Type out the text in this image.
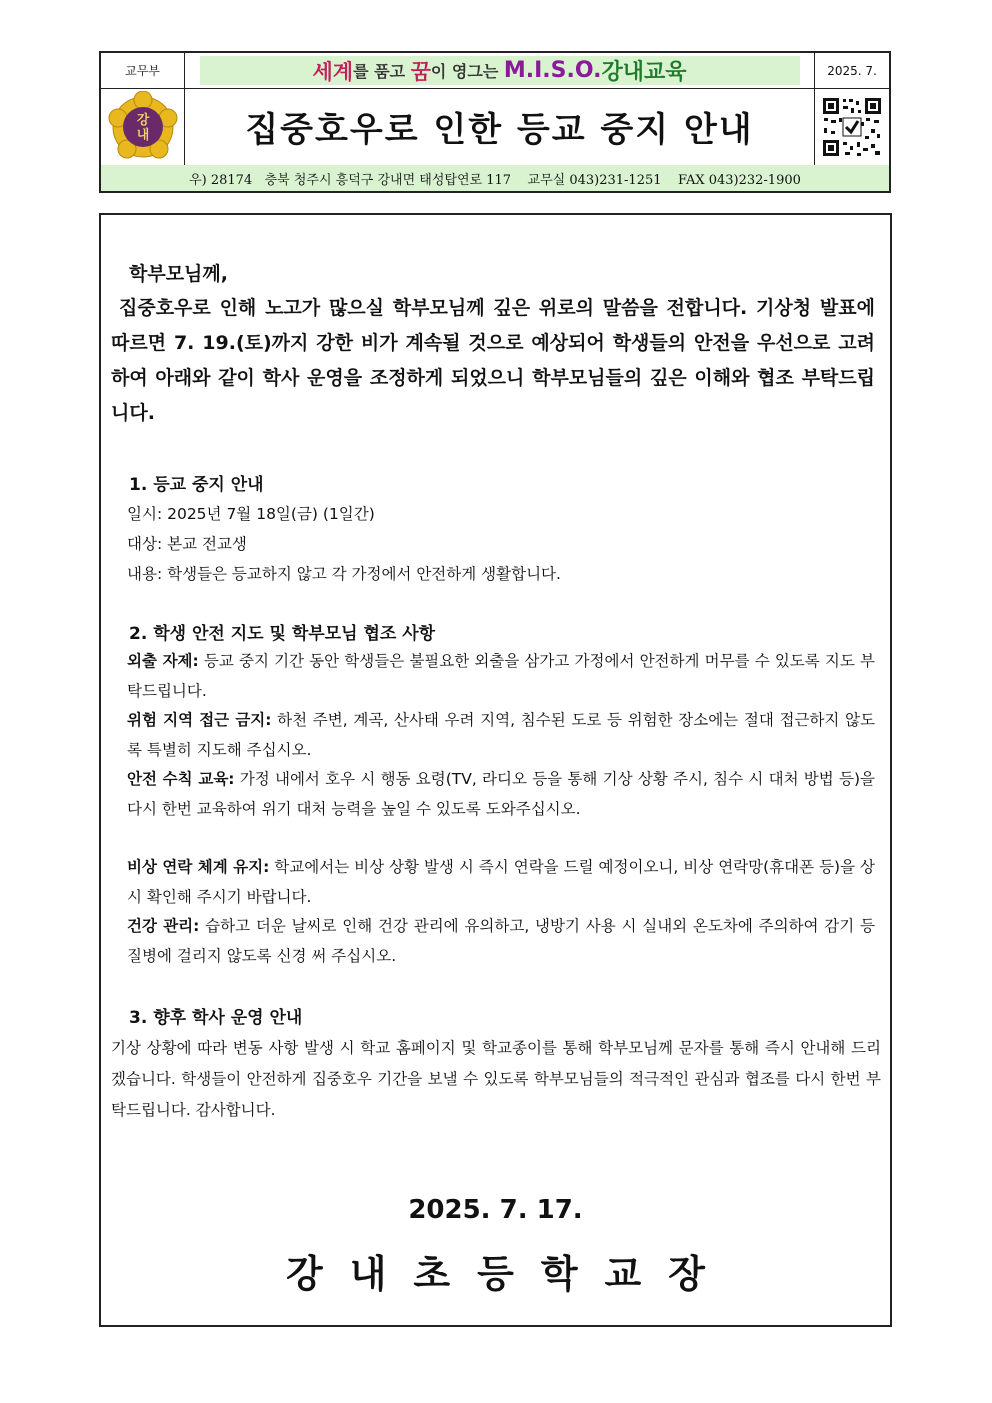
교무부	세계 를 품고 꿈 이 영그는 M.I.S.O. 강내교육	2025. 7.
강
내	집중호우로 인한 등교 중지 안내
우) 28174   충북 청주시 흥덕구 강내면 태성탑연로 117    교무실 043)231-1251    FAX 043)232-1900
학부모님께,
집중호우로 인해 노고가 많으실 학부모님께 깊은 위로의 말씀을 전합니다. 기상청 발표에 따르면 7. 19.(토)까지 강한 비가 계속될 것으로 예상되어 학생들의 안전을 우선으로 고려하여 아래와 같이 학사 운영을 조정하게 되었으니 학부모님들의 깊은 이해와 협조 부탁드립니다.
1. 등교 중지 안내
일시: 2025년 7월 18일(금) (1일간)
대상: 본교 전교생
내용: 학생들은 등교하지 않고 각 가정에서 안전하게 생활합니다.
2. 학생 안전 지도 및 학부모님 협조 사항
외출 자제: 등교 중지 기간 동안 학생들은 불필요한 외출을 삼가고 가정에서 안전하게 머무를 수 있도록 지도 부탁드립니다.
위험 지역 접근 금지: 하천 주변, 계곡, 산사태 우려 지역, 침수된 도로 등 위험한 장소에는 절대 접근하지 않도록 특별히 지도해 주십시오.
안전 수칙 교육: 가정 내에서 호우 시 행동 요령(TV, 라디오 등을 통해 기상 상황 주시, 침수 시 대처 방법 등)을 다시 한번 교육하여 위기 대처 능력을 높일 수 있도록 도와주십시오.
비상 연락 체계 유지: 학교에서는 비상 상황 발생 시 즉시 연락을 드릴 예정이오니, 비상 연락망(휴대폰 등)을 상시 확인해 주시기 바랍니다.
건강 관리: 습하고 더운 날씨로 인해 건강 관리에 유의하고, 냉방기 사용 시 실내외 온도차에 주의하여 감기 등 질병에 걸리지 않도록 신경 써 주십시오.
3. 향후 학사 운영 안내
기상 상황에 따라 변동 사항 발생 시 학교 홈페이지 및 학교종이를 통해 학부모님께 문자를 통해 즉시 안내해 드리겠습니다. 학생들이 안전하게 집중호우 기간을 보낼 수 있도록 학부모님들의 적극적인 관심과 협조를 다시 한번 부탁드립니다. 감사합니다.
2025. 7. 17.
강내초등학교장
